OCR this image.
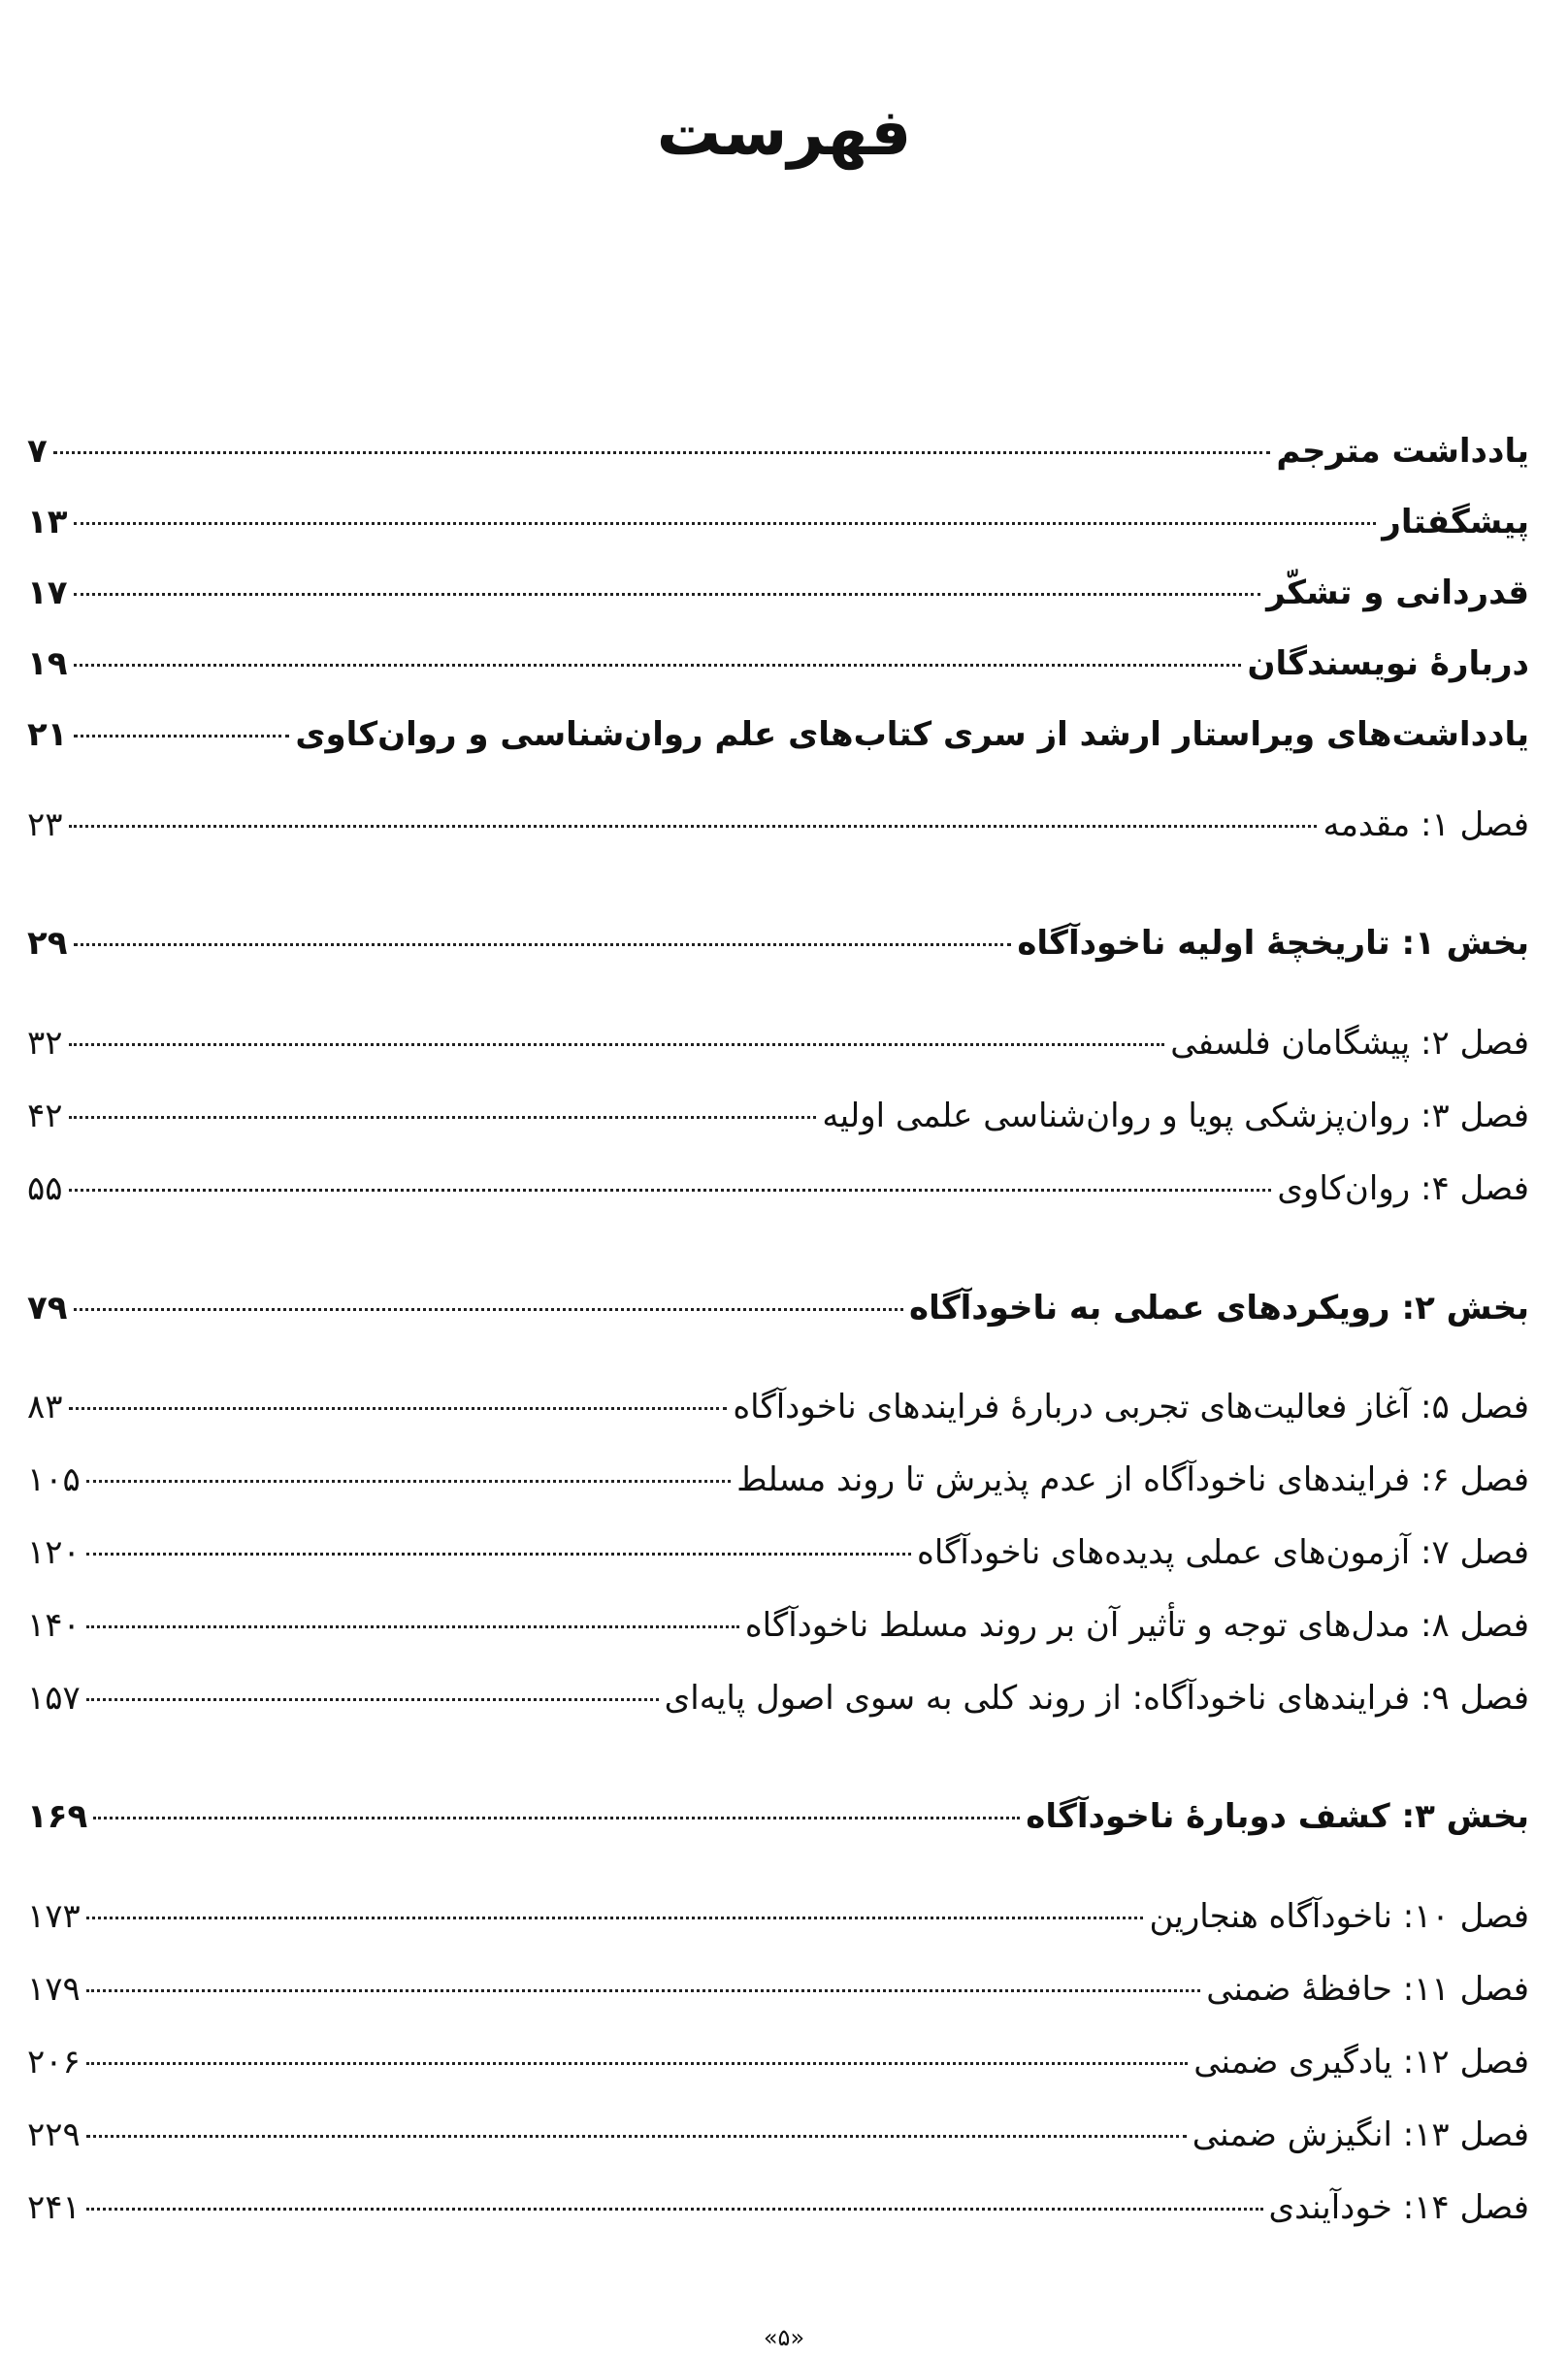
فهرست
یادداشت مترجم
۷
پیشگفتار
۱۳
قدردانی و تشکّر
۱۷
دربارهٔ نویسندگان
۱۹
یادداشت‌های ویراستار ارشد از سری کتاب‌های علم روان‌شناسی و روان‌کاوی
۲۱
فصل ۱: مقدمه
۲۳
بخش ۱: تاریخچهٔ اولیه ناخودآگاه
۲۹
فصل ۲: پیشگامان فلسفی
۳۲
فصل ۳: روان‌پزشکی پویا و روان‌شناسی علمی اولیه
۴۲
فصل ۴: روان‌کاوی
۵۵
بخش ۲: رویکردهای عملی به ناخودآگاه
۷۹
فصل ۵: آغاز فعالیت‌های تجربی دربارهٔ فرایندهای ناخودآگاه
۸۳
فصل ۶: فرایندهای ناخودآگاه از عدم پذیرش تا روند مسلط
۱۰۵
فصل ۷: آزمون‌های عملی پدیده‌های ناخودآگاه
۱۲۰
فصل ۸: مدل‌های توجه و تأثیر آن بر روند مسلط ناخودآگاه
۱۴۰
فصل ۹: فرایندهای ناخودآگاه: از روند کلی به سوی اصول پایه‌ای
۱۵۷
بخش ۳: کشف دوبارهٔ ناخودآگاه
۱۶۹
فصل ۱۰: ناخودآگاه هنجارین
۱۷۳
فصل ۱۱: حافظهٔ ضمنی
۱۷۹
فصل ۱۲: یادگیری ضمنی
۲۰۶
فصل ۱۳: انگیزش ضمنی
۲۲۹
فصل ۱۴: خودآیندی
۲۴۱
«۵»
